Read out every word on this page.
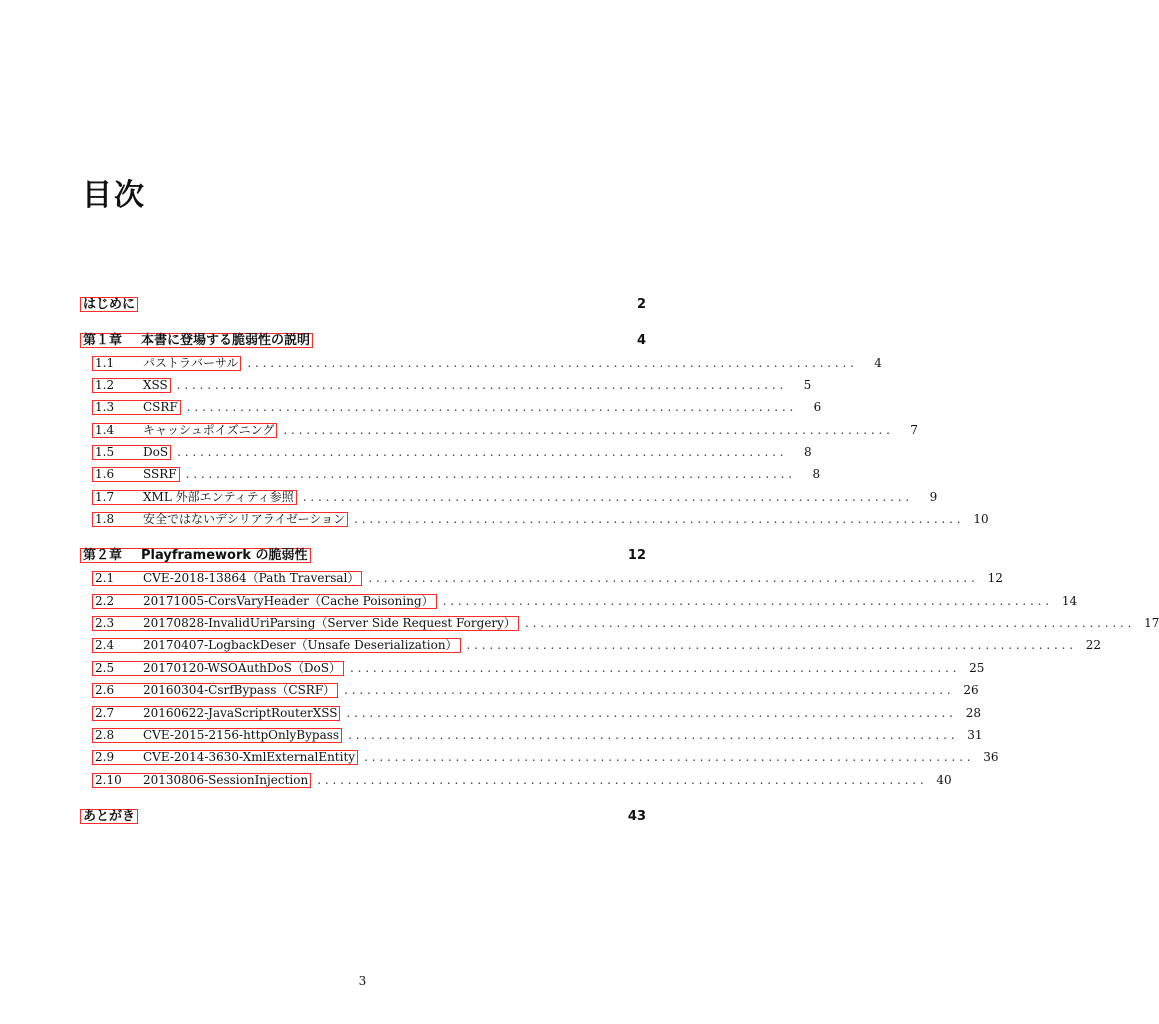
目次
はじめに	2
第１章	本書に登場する脆弱性の説明	4
1.1	パストラバーサル . . . . . . . . . . . . . . . . . . . . . . . . . . . . . . . . . . . . . . . . . . . . . . . . . . . . . . . . . . . . . . . . . . . . . . . . . . . . . . . .	4
1.2	XSS . . . . . . . . . . . . . . . . . . . . . . . . . . . . . . . . . . . . . . . . . . . . . . . . . . . . . . . . . . . . . . . . . . . . . . . . . . . . . . . .	5
1.3	CSRF . . . . . . . . . . . . . . . . . . . . . . . . . . . . . . . . . . . . . . . . . . . . . . . . . . . . . . . . . . . . . . . . . . . . . . . . . . . . . . . .	6
1.4	キャッシュポイズニング . . . . . . . . . . . . . . . . . . . . . . . . . . . . . . . . . . . . . . . . . . . . . . . . . . . . . . . . . . . . . . . . . . . . . . . . . . . . . . . .	7
1.5	DoS . . . . . . . . . . . . . . . . . . . . . . . . . . . . . . . . . . . . . . . . . . . . . . . . . . . . . . . . . . . . . . . . . . . . . . . . . . . . . . . .	8
1.6	SSRF . . . . . . . . . . . . . . . . . . . . . . . . . . . . . . . . . . . . . . . . . . . . . . . . . . . . . . . . . . . . . . . . . . . . . . . . . . . . . . . .	8
1.7	XML 外部エンティティ参照 . . . . . . . . . . . . . . . . . . . . . . . . . . . . . . . . . . . . . . . . . . . . . . . . . . . . . . . . . . . . . . . . . . . . . . . . . . . . . . . .	9
1.8	安全ではないデシリアライゼーション . . . . . . . . . . . . . . . . . . . . . . . . . . . . . . . . . . . . . . . . . . . . . . . . . . . . . . . . . . . . . . . . . . . . . . . . . . . . . . . .	10
第２章	Playframework の脆弱性	12
2.1	CVE-2018-13864（Path Traversal） . . . . . . . . . . . . . . . . . . . . . . . . . . . . . . . . . . . . . . . . . . . . . . . . . . . . . . . . . . . . . . . . . . . . . . . . . . . . . . . .	12
2.2	20171005-CorsVaryHeader（Cache Poisoning） . . . . . . . . . . . . . . . . . . . . . . . . . . . . . . . . . . . . . . . . . . . . . . . . . . . . . . . . . . . . . . . . . . . . . . . . . . . . . . . .	14
2.3	20170828-InvalidUriParsing（Server Side Request Forgery） . . . . . . . . . . . . . . . . . . . . . . . . . . . . . . . . . . . . . . . . . . . . . . . . . . . . . . . . . . . . . . . . . . . . . . . . . . . . . . . .	17
2.4	20170407-LogbackDeser（Unsafe Deserialization） . . . . . . . . . . . . . . . . . . . . . . . . . . . . . . . . . . . . . . . . . . . . . . . . . . . . . . . . . . . . . . . . . . . . . . . . . . . . . . . .	22
2.5	20170120-WSOAuthDoS（DoS） . . . . . . . . . . . . . . . . . . . . . . . . . . . . . . . . . . . . . . . . . . . . . . . . . . . . . . . . . . . . . . . . . . . . . . . . . . . . . . . .	25
2.6	20160304-CsrfBypass（CSRF） . . . . . . . . . . . . . . . . . . . . . . . . . . . . . . . . . . . . . . . . . . . . . . . . . . . . . . . . . . . . . . . . . . . . . . . . . . . . . . . .	26
2.7	20160622-JavaScriptRouterXSS . . . . . . . . . . . . . . . . . . . . . . . . . . . . . . . . . . . . . . . . . . . . . . . . . . . . . . . . . . . . . . . . . . . . . . . . . . . . . . . .	28
2.8	CVE-2015-2156-httpOnlyBypass . . . . . . . . . . . . . . . . . . . . . . . . . . . . . . . . . . . . . . . . . . . . . . . . . . . . . . . . . . . . . . . . . . . . . . . . . . . . . . . .	31
2.9	CVE-2014-3630-XmlExternalEntity . . . . . . . . . . . . . . . . . . . . . . . . . . . . . . . . . . . . . . . . . . . . . . . . . . . . . . . . . . . . . . . . . . . . . . . . . . . . . . . .	36
2.10	20130806-SessionInjection . . . . . . . . . . . . . . . . . . . . . . . . . . . . . . . . . . . . . . . . . . . . . . . . . . . . . . . . . . . . . . . . . . . . . . . . . . . . . . . .	40
あとがき	43
3
